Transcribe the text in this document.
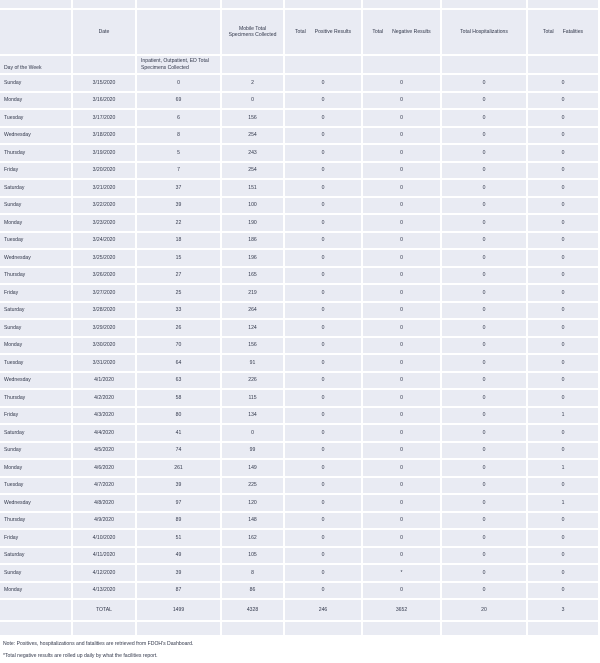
	Date		Mobile Total Specimens Collected	Total Positive Results	Total Negative Results	Total Hospitalizations	Total Fatalities

Day of the Week		Inpatient, Outpatient, ED Total Specimens Collected					
Sunday	3/15/2020	0	2	0	0	0	0
Monday	3/16/2020	69	0	0	0	0	0
Tuesday	3/17/2020	6	156	0	0	0	0
Wednesday	3/18/2020	8	254	0	0	0	0
Thursday	3/19/2020	5	243	0	0	0	0
Friday	3/20/2020	7	254	0	0	0	0
Saturday	3/21/2020	37	151	0	0	0	0
Sunday	3/22/2020	39	100	0	0	0	0
Monday	3/23/2020	22	190	0	0	0	0
Tuesday	3/24/2020	18	186	0	0	0	0
Wednesday	3/25/2020	15	196	0	0	0	0
Thursday	3/26/2020	27	165	0	0	0	0
Friday	3/27/2020	25	219	0	0	0	0
Saturday	3/28/2020	33	264	0	0	0	0
Sunday	3/29/2020	26	124	0	0	0	0
Monday	3/30/2020	70	156	0	0	0	0
Tuesday	3/31/2020	64	91	0	0	0	0
Wednesday	4/1/2020	63	226	0	0	0	0
Thursday	4/2/2020	58	115	0	0	0	0
Friday	4/3/2020	80	134	0	0	0	1
Saturday	4/4/2020	41	0	0	0	0	0
Sunday	4/5/2020	74	99	0	0	0	0
Monday	4/6/2020	261	149	0	0	0	1
Tuesday	4/7/2020	39	225	0	0	0	0
Wednesday	4/8/2020	97	120	0	0	0	1
Thursday	4/9/2020	89	148	0	0	0	0
Friday	4/10/2020	51	162	0	0	0	0
Saturday	4/11/2020	49	105	0	0	0	0
Sunday	4/12/2020	39	8	0	*	0	0
Monday	4/13/2020	87	86	0	0	0	0
	TOTAL	1499	4328	246	3652	20	3

Note: Positives, hospitalizations and fatalities are retrieved from FDOH's Dashboard.
*Total negative results are rolled up daily by what the facilities report.
